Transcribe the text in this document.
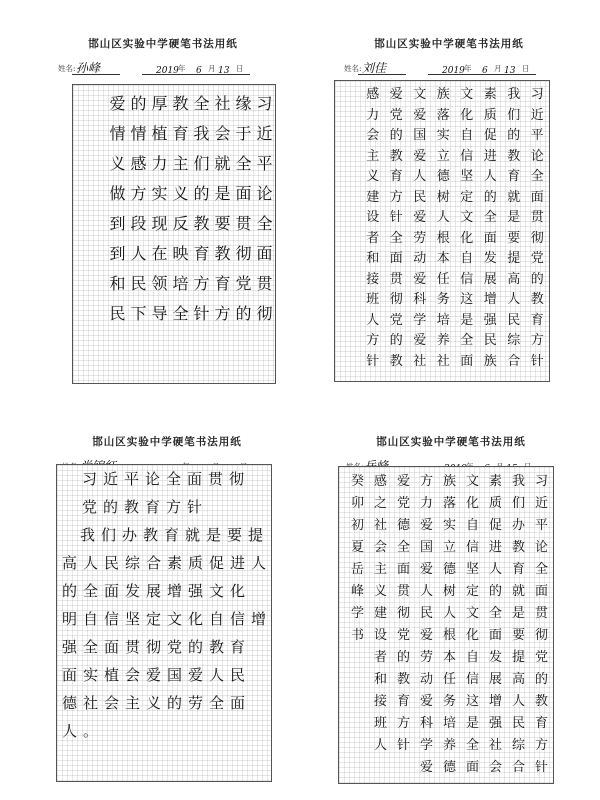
邯山区实验中学硬笔书法用纸
姓名: 孙峰	2019 年 6 月 13 日
习
近
平
论
全
面
贯
彻
缘
于
全
面
贯
彻
党
的
社
会
就
是
要
教
育
方
全
我
们
的
教
育
方
针
教
育
主
义
反
映
培
全
厚
植
力
实
现
在
领
导
的
情
感
方
段
人
民
下
爱
情
义
做
到
到
和
民
邯山区实验中学硬笔书法用纸
姓名: 刘佳	2019 年 6 月 13 日
习
近
平
论
全
面
贯
彻
党
的
教
育
方
针
我
们
的
教
育
就
是
要
提
高
人
民
综
合
素
质
促
进
人
的
全
面
发
展
增
强
民
族
文
化
自
信
坚
定
文
化
自
信
这
是
全
面
族
落
实
立
德
树
人
根
本
任
务
培
养
社
文
爱
国
爱
人
民
爱
劳
动
爱
科
学
爱
社
爱
党
的
教
育
方
针
全
面
贯
彻
党
的
教
感
力
会
主
义
建
设
者
和
接
班
人
方
针
邯山区实验中学硬笔书法用纸
习 近 平 论 全 面 贯 彻
党 的 教 育 方 针
我 们 办 教 育 就 是 要 提
高 人 民 综 合 素 质 促 进 人
的 全 面 发 展 增 强 文 化
明 自 信 坚 定 文 化 自 信 增
强 全 面 贯 彻 党 的 教 育
面 实 植 会 爱 国 爱 人 民
德 社 会 主 义 的 劳 全 面
人 。
邯山区实验中学硬笔书法用纸
习
近
平
论
全
面
贯
彻
党
的
教
育
方
针
我
们
办
教
育
就
是
要
提
高
人
民
综
合
素
质
促
进
人
的
全
面
发
展
增
强
社
会
文
化
自
信
坚
定
文
化
自
信
这
是
全
面
族
落
实
立
德
树
人
根
本
任
务
培
养
德
方
力
爱
国
爱
人
民
爱
劳
动
爱
科
学
爱
爱
党
德
全
面
贯
彻
党
的
教
育
方
针
感
之
社
会
主
义
建
设
者
和
接
班
人
癸
卯
初
夏
岳
峰
学
书
